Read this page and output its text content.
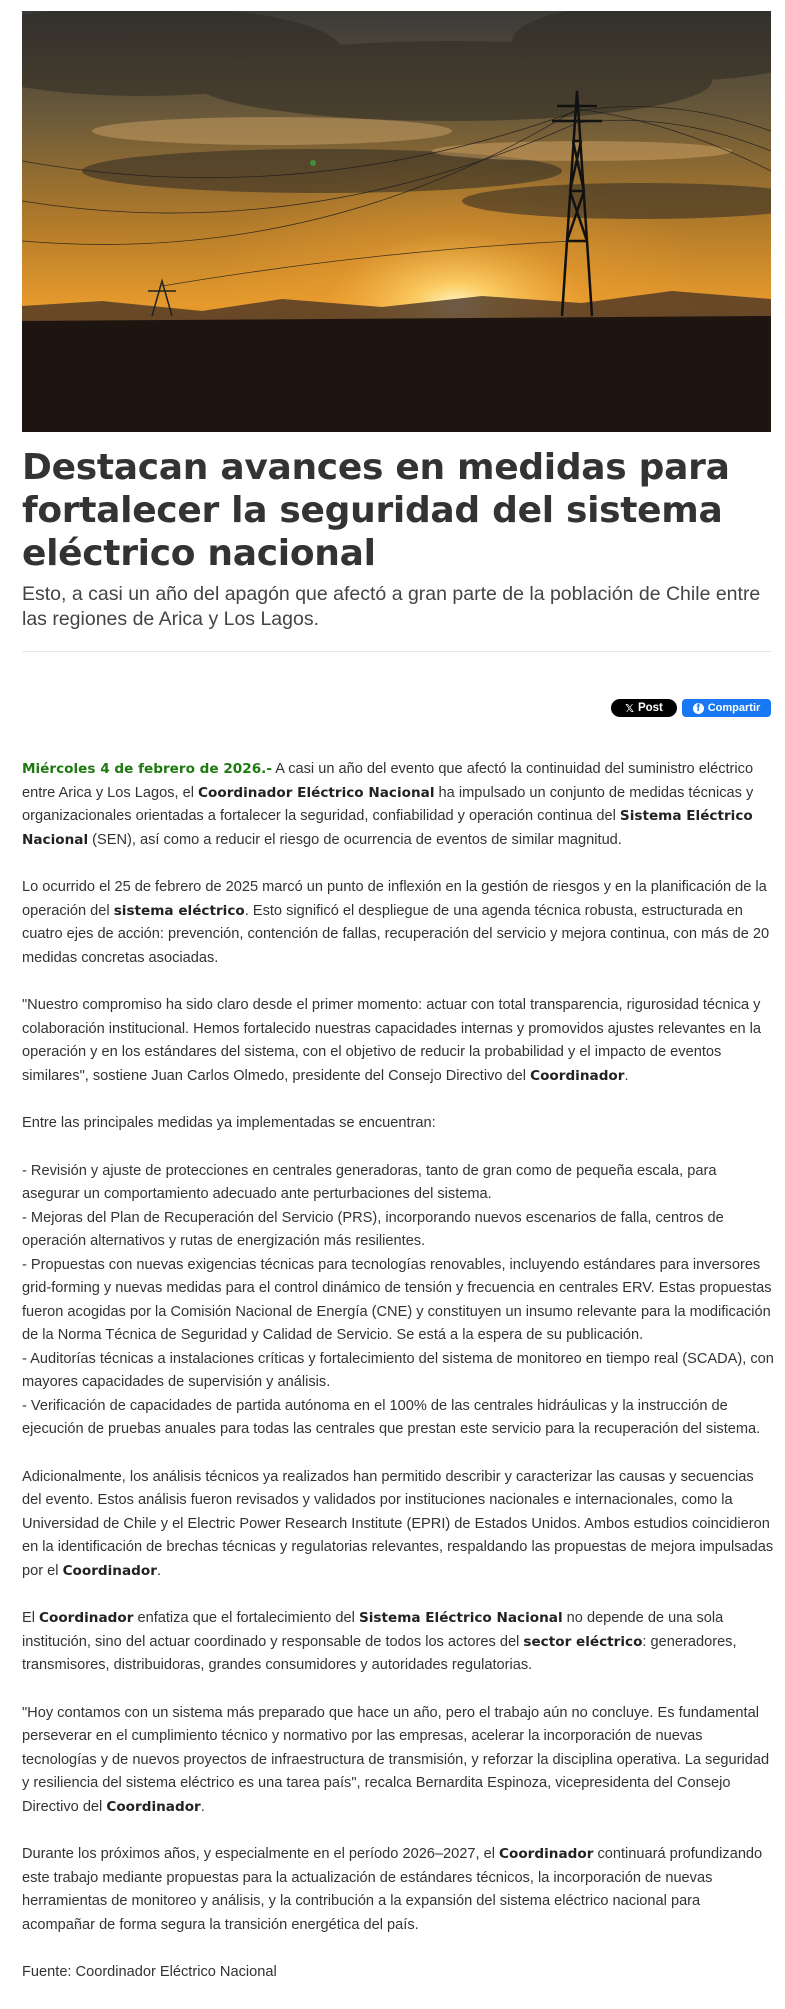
Destacan avances en medidas para fortalecer la seguridad del sistema eléctrico nacional

Esto, a casi un año del apagón que afectó a gran parte de la población de Chile entre las regiones de Arica y Los Lagos.

𝕏 Post	f Compartir

Miércoles 4 de febrero de 2026.- A casi un año del evento que afectó la continuidad del suministro eléctrico entre Arica y Los Lagos, el Coordinador Eléctrico Nacional ha impulsado un conjunto de medidas técnicas y organizacionales orientadas a fortalecer la seguridad, confiabilidad y operación continua del Sistema Eléctrico Nacional (SEN), así como a reducir el riesgo de ocurrencia de eventos de similar magnitud.

Lo ocurrido el 25 de febrero de 2025 marcó un punto de inflexión en la gestión de riesgos y en la planificación de la operación del sistema eléctrico. Esto significó el despliegue de una agenda técnica robusta, estructurada en cuatro ejes de acción: prevención, contención de fallas, recuperación del servicio y mejora continua, con más de 20 medidas concretas asociadas.

"Nuestro compromiso ha sido claro desde el primer momento: actuar con total transparencia, rigurosidad técnica y colaboración institucional. Hemos fortalecido nuestras capacidades internas y promovidos ajustes relevantes en la operación y en los estándares del sistema, con el objetivo de reducir la probabilidad y el impacto de eventos similares", sostiene Juan Carlos Olmedo, presidente del Consejo Directivo del Coordinador.

Entre las principales medidas ya implementadas se encuentran:

- Revisión y ajuste de protecciones en centrales generadoras, tanto de gran como de pequeña escala, para asegurar un comportamiento adecuado ante perturbaciones del sistema.
- Mejoras del Plan de Recuperación del Servicio (PRS), incorporando nuevos escenarios de falla, centros de operación alternativos y rutas de energización más resilientes.
- Propuestas con nuevas exigencias técnicas para tecnologías renovables, incluyendo estándares para inversores grid-forming y nuevas medidas para el control dinámico de tensión y frecuencia en centrales ERV. Estas propuestas fueron acogidas por la Comisión Nacional de Energía (CNE) y constituyen un insumo relevante para la modificación de la Norma Técnica de Seguridad y Calidad de Servicio. Se está a la espera de su publicación.
- Auditorías técnicas a instalaciones críticas y fortalecimiento del sistema de monitoreo en tiempo real (SCADA), con mayores capacidades de supervisión y análisis.
- Verificación de capacidades de partida autónoma en el 100% de las centrales hidráulicas y la instrucción de ejecución de pruebas anuales para todas las centrales que prestan este servicio para la recuperación del sistema.

Adicionalmente, los análisis técnicos ya realizados han permitido describir y caracterizar las causas y secuencias del evento. Estos análisis fueron revisados y validados por instituciones nacionales e internacionales, como la Universidad de Chile y el Electric Power Research Institute (EPRI) de Estados Unidos. Ambos estudios coincidieron en la identificación de brechas técnicas y regulatorias relevantes, respaldando las propuestas de mejora impulsadas por el Coordinador.

El Coordinador enfatiza que el fortalecimiento del Sistema Eléctrico Nacional no depende de una sola institución, sino del actuar coordinado y responsable de todos los actores del sector eléctrico: generadores, transmisores, distribuidoras, grandes consumidores y autoridades regulatorias.

"Hoy contamos con un sistema más preparado que hace un año, pero el trabajo aún no concluye. Es fundamental perseverar en el cumplimiento técnico y normativo por las empresas, acelerar la incorporación de nuevas tecnologías y de nuevos proyectos de infraestructura de transmisión, y reforzar la disciplina operativa. La seguridad y resiliencia del sistema eléctrico es una tarea país", recalca Bernardita Espinoza, vicepresidenta del Consejo Directivo del Coordinador.

Durante los próximos años, y especialmente en el período 2026–2027, el Coordinador continuará profundizando este trabajo mediante propuestas para la actualización de estándares técnicos, la incorporación de nuevas herramientas de monitoreo y análisis, y la contribución a la expansión del sistema eléctrico nacional para acompañar de forma segura la transición energética del país.

Fuente: Coordinador Eléctrico Nacional
